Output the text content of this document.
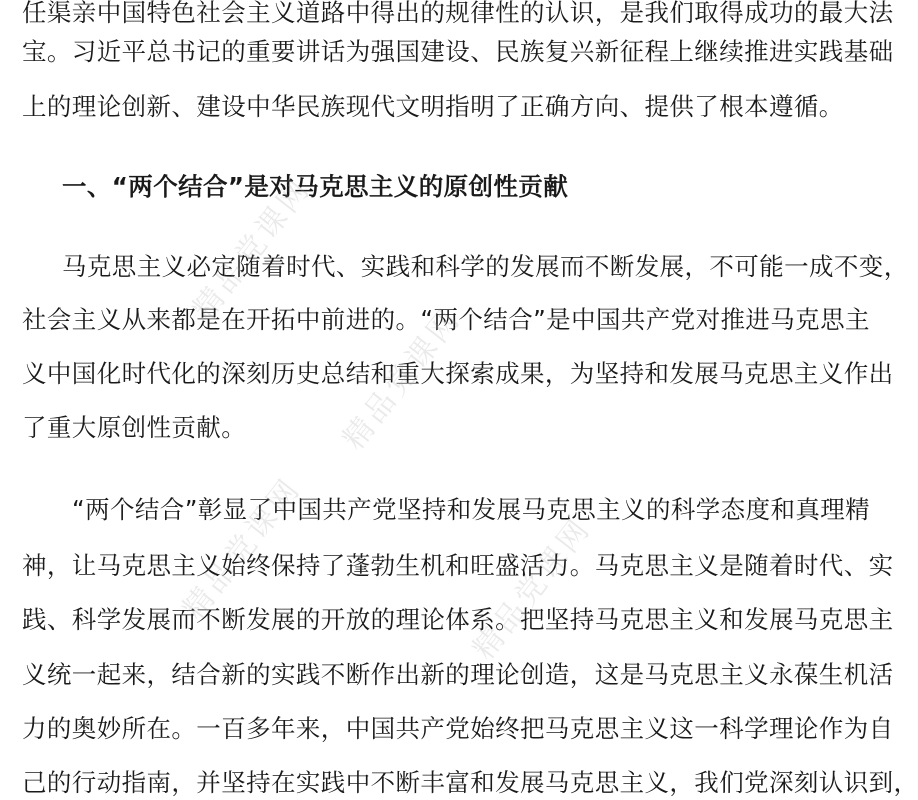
任渠亲中国特色社会主义道路中得出的规律性的认识，是我们取得成功的最大法
宝。习近平总书记的重要讲话为强国建设、民族复兴新征程上继续推进实践基础
上的理论创新、建设中华民族现代文明指明了正确方向、提供了根本遵循。
一、“两个结合”是对马克思主义的原创性贡献
马克思主义必定随着时代、实践和科学的发展而不断发展，不可能一成不变，
社会主义从来都是在开拓中前进的。“两个结合”是中国共产党对推进马克思主
义中国化时代化的深刻历史总结和重大探索成果，为坚持和发展马克思主义作出
了重大原创性贡献。
“两个结合”彰显了中国共产党坚持和发展马克思主义的科学态度和真理精
神，让马克思主义始终保持了蓬勃生机和旺盛活力。马克思主义是随着时代、实
践、科学发展而不断发展的开放的理论体系。把坚持马克思主义和发展马克思主
义统一起来，结合新的实践不断作出新的理论创造，这是马克思主义永葆生机活
力的奥妙所在。一百多年来，中国共产党始终把马克思主义这一科学理论作为自
己的行动指南，并坚持在实践中不断丰富和发展马克思主义，我们党深刻认识到，
精品党课网
精品党课网
精品党课网	精品党课网
